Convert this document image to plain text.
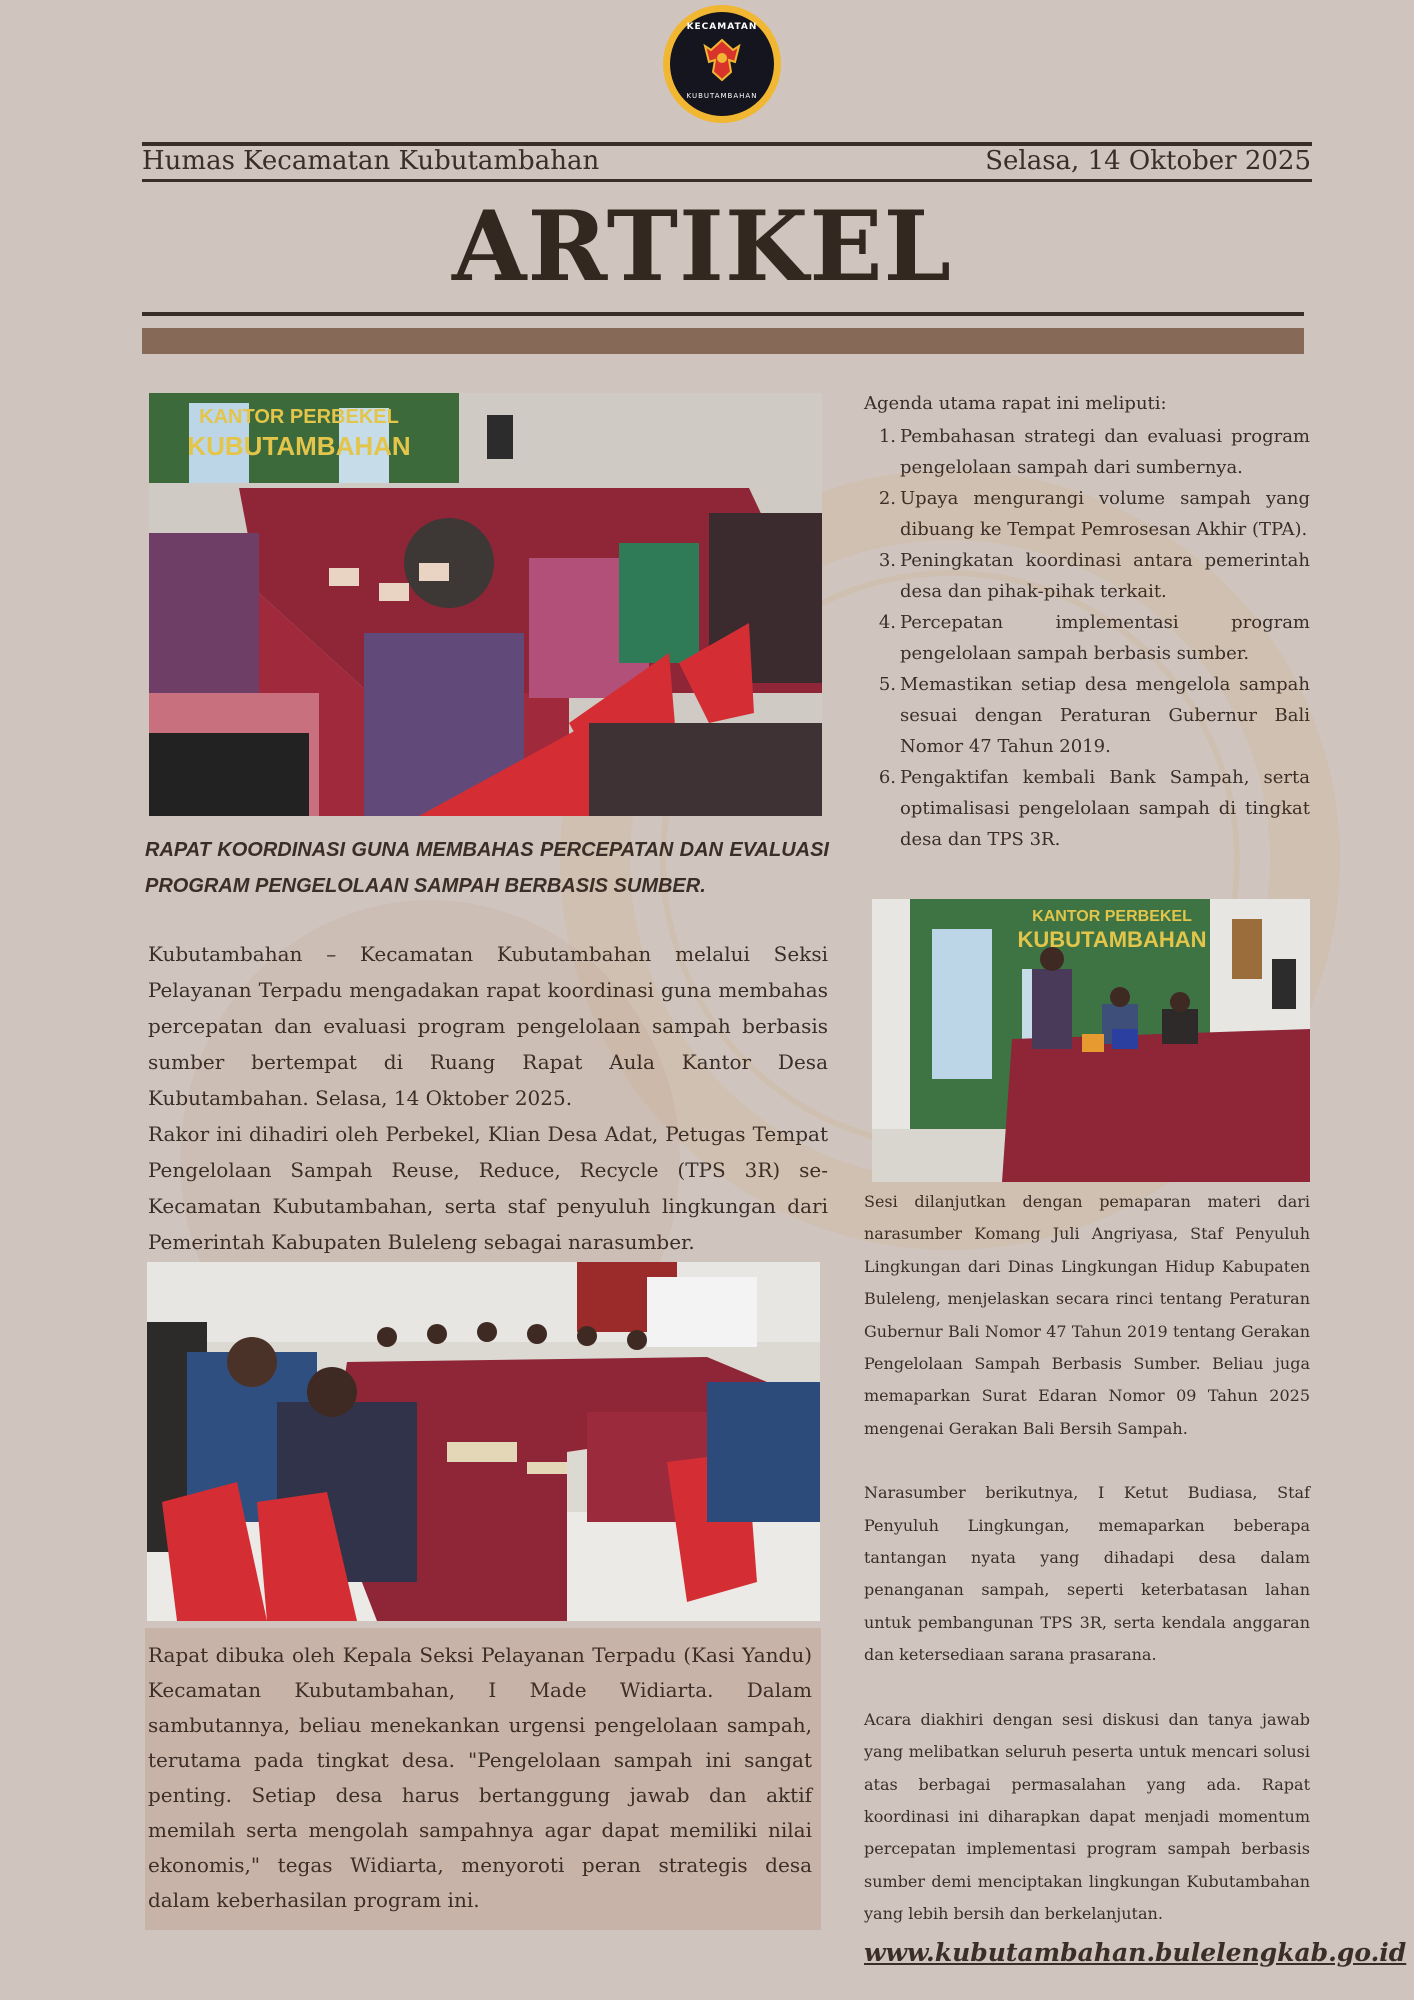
KECAMATAN
KUBUTAMBAHAN
Humas Kecamatan Kubutambahan	Selasa, 14 Oktober 2025
ARTIKEL
KANTOR PERBEKEL
KUBUTAMBAHAN
RAPAT KOORDINASI GUNA MEMBAHAS PERCEPATAN DAN EVALUASI PROGRAM PENGELOLAAN SAMPAH BERBASIS SUMBER.

Kubutambahan – Kecamatan Kubutambahan melalui Seksi Pelayanan Terpadu mengadakan rapat koordinasi guna membahas percepatan dan evaluasi program pengelolaan sampah berbasis sumber bertempat di Ruang Rapat Aula Kantor Desa Kubutambahan. Selasa, 14 Oktober 2025.

Rakor ini dihadiri oleh Perbekel, Klian Desa Adat, Petugas Tempat Pengelolaan Sampah Reuse, Reduce, Recycle (TPS 3R) se-Kecamatan Kubutambahan, serta staf penyuluh lingkungan dari Pemerintah Kabupaten Buleleng sebagai narasumber.

Rapat dibuka oleh Kepala Seksi Pelayanan Terpadu (Kasi Yandu) Kecamatan Kubutambahan, I Made Widiarta. Dalam sambutannya, beliau menekankan urgensi pengelolaan sampah, terutama pada tingkat desa. "Pengelolaan sampah ini sangat penting. Setiap desa harus bertanggung jawab dan aktif memilah serta mengolah sampahnya agar dapat memiliki nilai ekonomis," tegas Widiarta, menyoroti peran strategis desa dalam keberhasilan program ini.

Agenda utama rapat ini meliputi:
1. Pembahasan strategi dan evaluasi program pengelolaan sampah dari sumbernya.
2. Upaya mengurangi volume sampah yang dibuang ke Tempat Pemrosesan Akhir (TPA).
3. Peningkatan koordinasi antara pemerintah desa dan pihak-pihak terkait.
4. Percepatan implementasi program pengelolaan sampah berbasis sumber.
5. Memastikan setiap desa mengelola sampah sesuai dengan Peraturan Gubernur Bali Nomor 47 Tahun 2019.
6. Pengaktifan kembali Bank Sampah, serta optimalisasi pengelolaan sampah di tingkat desa dan TPS 3R.
KANTOR PERBEKEL
KUBUTAMBAHAN

Sesi dilanjutkan dengan pemaparan materi dari narasumber Komang Juli Angriyasa, Staf Penyuluh Lingkungan dari Dinas Lingkungan Hidup Kabupaten Buleleng, menjelaskan secara rinci tentang Peraturan Gubernur Bali Nomor 47 Tahun 2019 tentang Gerakan Pengelolaan Sampah Berbasis Sumber. Beliau juga memaparkan Surat Edaran Nomor 09 Tahun 2025 mengenai Gerakan Bali Bersih Sampah.

Narasumber berikutnya, I Ketut Budiasa, Staf Penyuluh Lingkungan, memaparkan beberapa tantangan nyata yang dihadapi desa dalam penanganan sampah, seperti keterbatasan lahan untuk pembangunan TPS 3R, serta kendala anggaran dan ketersediaan sarana prasarana.

Acara diakhiri dengan sesi diskusi dan tanya jawab yang melibatkan seluruh peserta untuk mencari solusi atas berbagai permasalahan yang ada. Rapat koordinasi ini diharapkan dapat menjadi momentum percepatan implementasi program sampah berbasis sumber demi menciptakan lingkungan Kubutambahan yang lebih bersih dan berkelanjutan.

www.kubutambahan.bulelengkab.go.id
